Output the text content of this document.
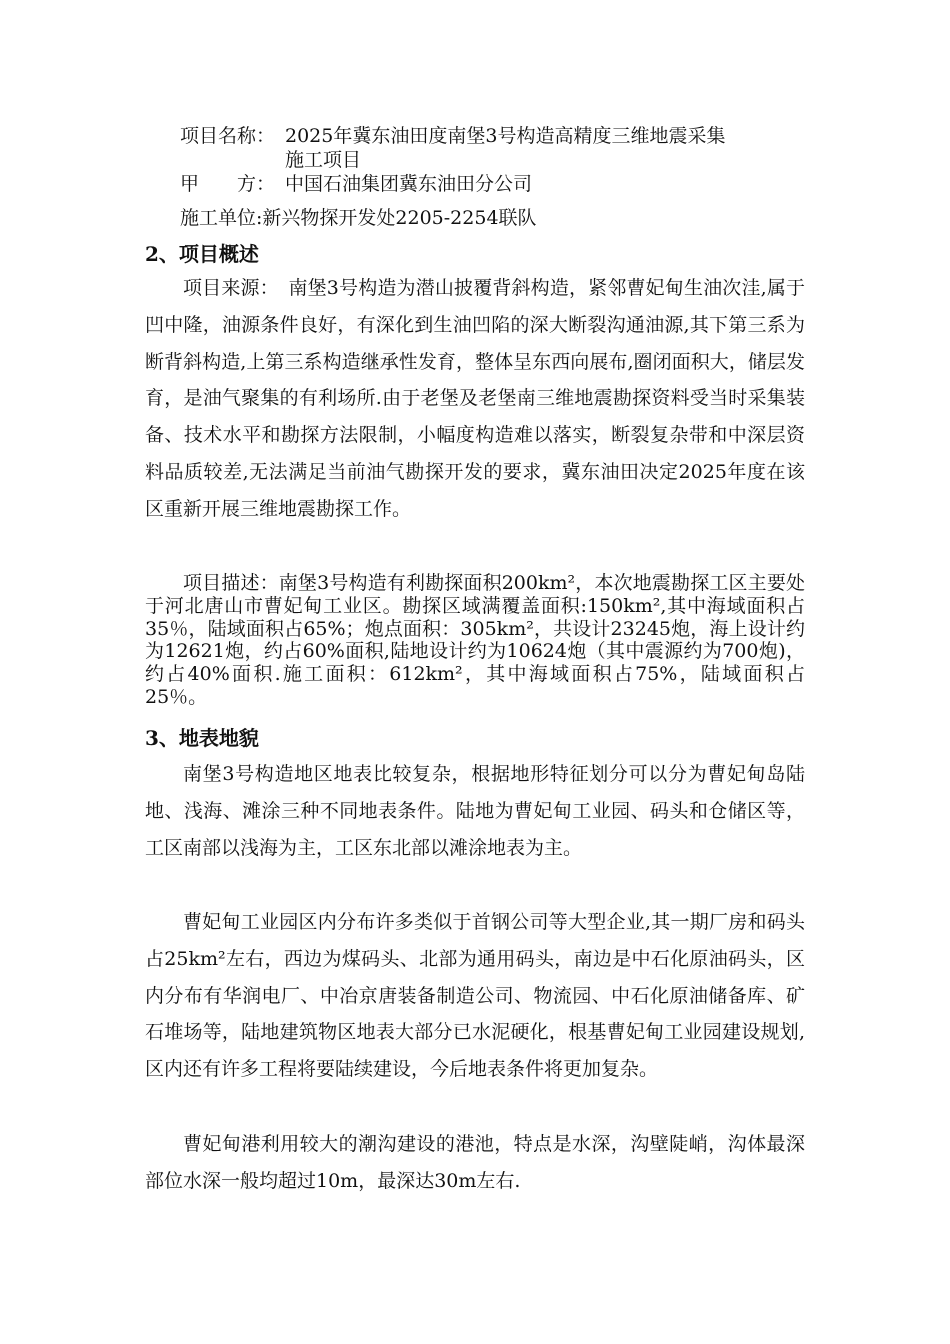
项目名称： 2025年冀东油田度南堡3号构造高精度三维地震采集
施工项目
甲　　方： 中国石油集团冀东油田分公司
施工单位:新兴物探开发处2205-2254联队
2、项目概述

项目来源：　南堡3号构造为潜山披覆背斜构造，紧邻曹妃甸生油次洼,属于凹中隆，油源条件良好，有深化到生油凹陷的深大断裂沟通油源,其下第三系为断背斜构造,上第三系构造继承性发育，整体呈东西向展布,圈闭面积大，储层发育，是油气聚集的有利场所.由于老堡及老堡南三维地震勘探资料受当时采集装备、技术水平和勘探方法限制，小幅度构造难以落实，断裂复杂带和中深层资料品质较差,无法满足当前油气勘探开发的要求，冀东油田决定2025年度在该区重新开展三维地震勘探工作。

项目描述：南堡3号构造有利勘探面积200km²，本次地震勘探工区主要处于河北唐山市曹妃甸工业区。勘探区域满覆盖面积:150km²,其中海域面积占35％，陆域面积占65%；炮点面积：305km²，共设计23245炮，海上设计约为12621炮，约占60%面积,陆地设计约为10624炮（其中震源约为700炮)，约占40%面积.施工面积：612km²，其中海域面积占75%，陆域面积占25％。

3、地表地貌

南堡3号构造地区地表比较复杂，根据地形特征划分可以分为曹妃甸岛陆地、浅海、滩涂三种不同地表条件。陆地为曹妃甸工业园、码头和仓储区等，工区南部以浅海为主，工区东北部以滩涂地表为主。

曹妃甸工业园区内分布许多类似于首钢公司等大型企业,其一期厂房和码头占25km²左右，西边为煤码头、北部为通用码头，南边是中石化原油码头，区内分布有华润电厂、中冶京唐装备制造公司、物流园、中石化原油储备库、矿石堆场等，陆地建筑物区地表大部分已水泥硬化，根基曹妃甸工业园建设规划,区内还有许多工程将要陆续建设，今后地表条件将更加复杂。

曹妃甸港利用较大的潮沟建设的港池，特点是水深，沟壁陡峭，沟体最深部位水深一般均超过10m，最深达30m左右.
